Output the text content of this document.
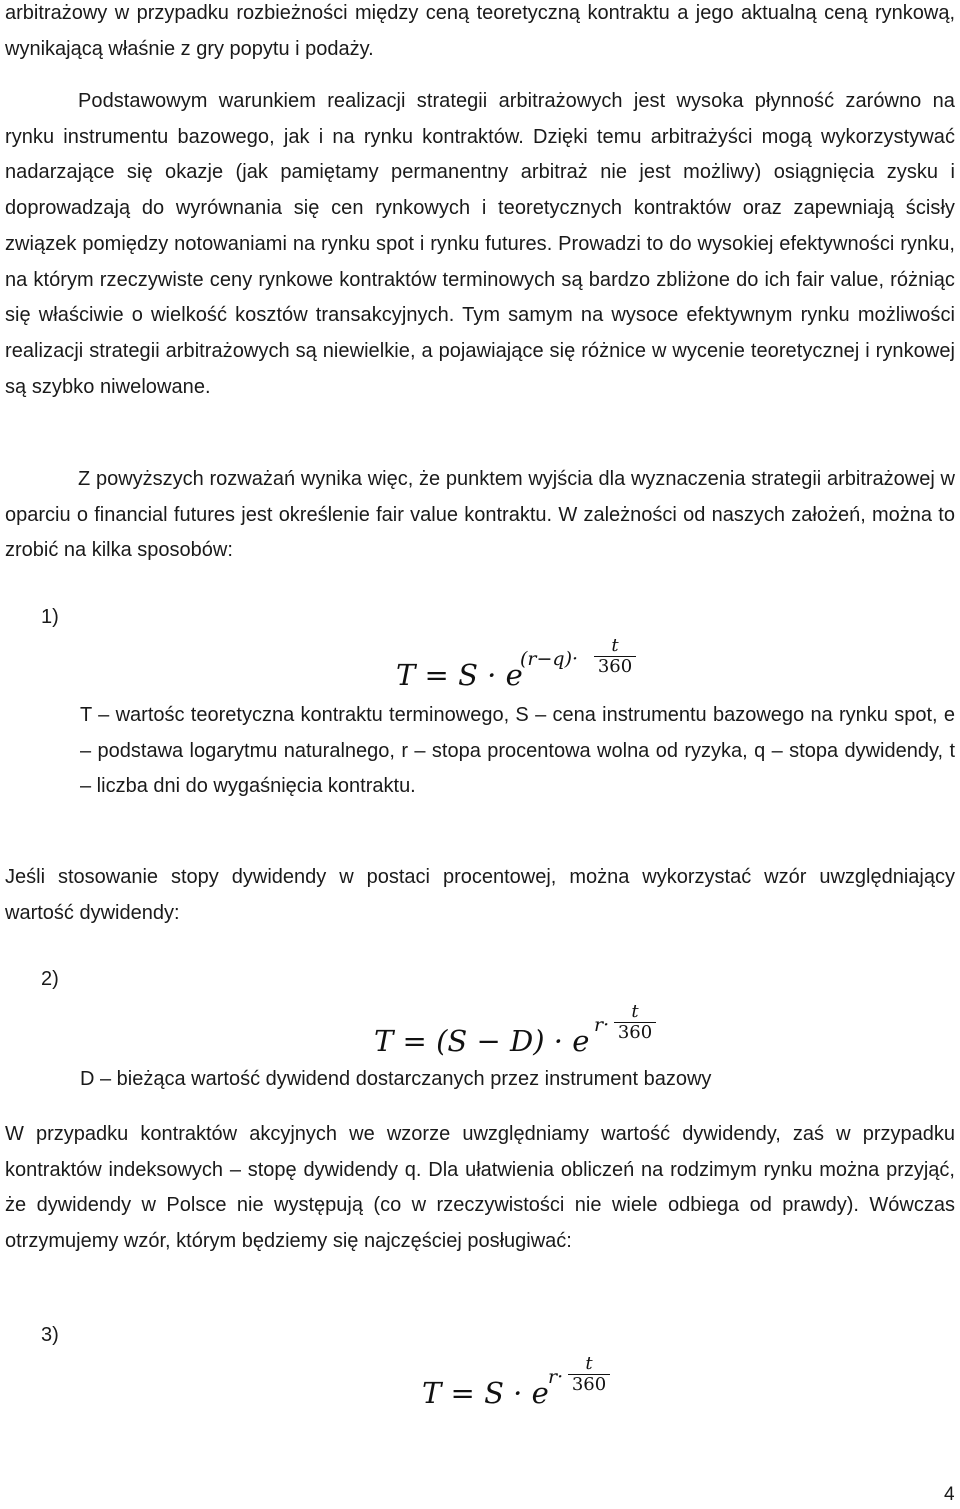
arbitrażowy w przypadku rozbieżności między ceną teoretyczną kontraktu a jego aktualną ceną rynkową, wynikającą właśnie z gry popytu i podaży.

Podstawowym warunkiem realizacji strategii arbitrażowych jest wysoka płynność zarówno na rynku instrumentu bazowego, jak i na rynku kontraktów. Dzięki temu arbitrażyści mogą wykorzystywać nadarzające się okazje (jak pamiętamy permanentny arbitraż nie jest możliwy) osiągnięcia zysku i doprowadzają do wyrównania się cen rynkowych i teoretycznych kontraktów oraz zapewniają ścisły związek pomiędzy notowaniami na rynku spot i rynku futures. Prowadzi to do wysokiej efektywności rynku, na którym rzeczywiste ceny rynkowe kontraktów terminowych są bardzo zbliżone do ich fair value, różniąc się właściwie o wielkość kosztów transakcyjnych. Tym samym na wysoce efektywnym rynku możliwości realizacji strategii arbitrażowych są niewielkie, a pojawiające się różnice w wycenie teoretycznej i rynkowej są szybko niwelowane.

Z powyższych rozważań wynika więc, że punktem wyjścia dla wyznaczenia strategii arbitrażowej w oparciu o financial futures jest określenie fair value kontraktu. W zależności od naszych założeń, można to zrobić na kilka sposobów:

1)

T = S · e
(r−q)·
t
360

T – wartośc teoretyczna kontraktu terminowego, S – cena instrumentu bazowego na rynku spot, e – podstawa logarytmu naturalnego, r – stopa procentowa wolna od ryzyka, q – stopa dywidendy, t – liczba dni do wygaśnięcia kontraktu.

Jeśli stosowanie stopy dywidendy w postaci procentowej, można wykorzystać wzór uwzględniający wartość dywidendy:

2)

T = (S − D) · e r·
t
360

D – bieżąca wartość dywidend dostarczanych przez instrument bazowy

W przypadku kontraktów akcyjnych we wzorze uwzględniamy wartość dywidendy, zaś w przypadku kontraktów indeksowych – stopę dywidendy q. Dla ułatwienia obliczeń na rodzimym rynku można przyjąć, że dywidendy w Polsce nie występują (co w rzeczywistości nie wiele odbiega od prawdy). Wówczas otrzymujemy wzór, którym będziemy się najczęściej posługiwać:

3)

T = S · e r·
t
360
4
